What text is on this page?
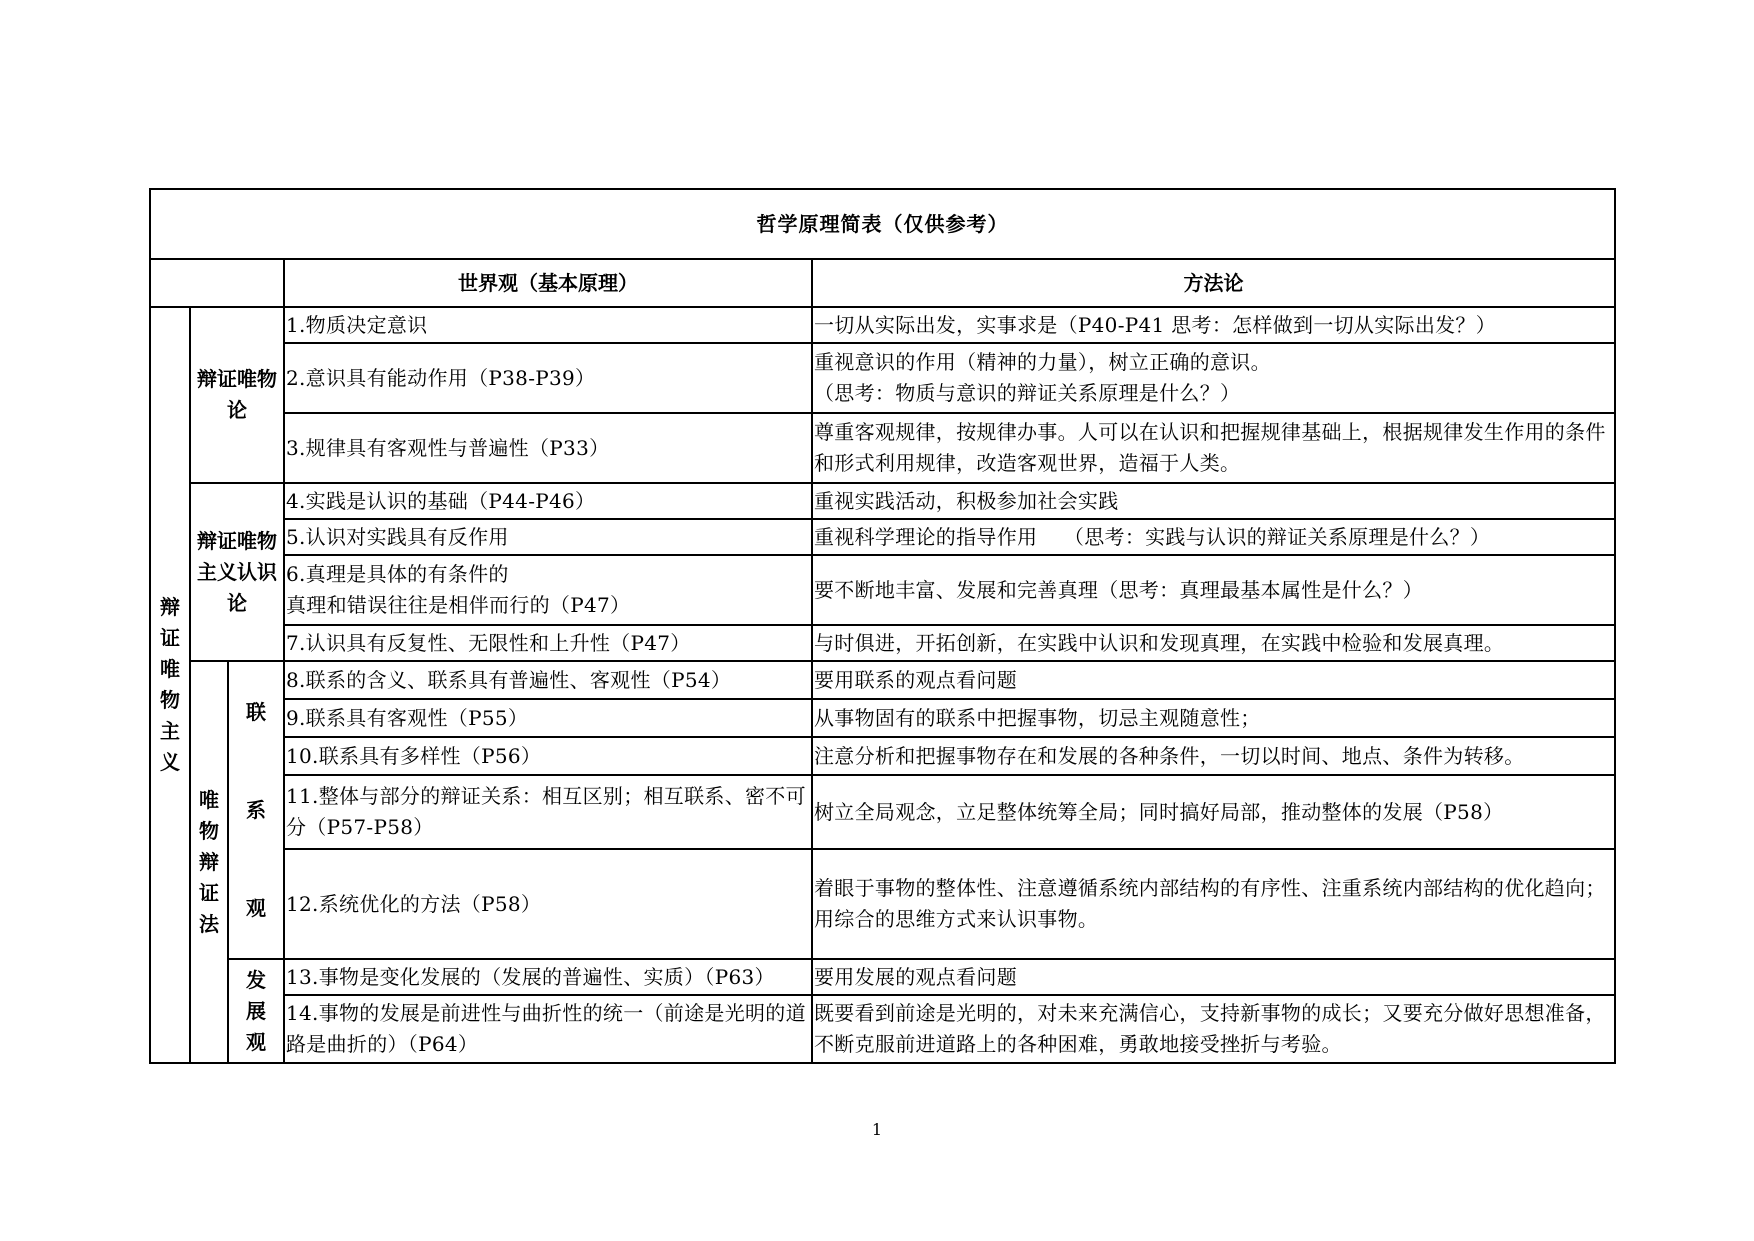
哲学原理简表（仅供参考）				
			世界观（基本原理）	方法论
辩证唯物主义	辩证唯物论		1.物质决定意识	一切从实际出发，实事求是（P40-P41 思考：怎样做到一切从实际出发？）
			2.意识具有能动作用（P38-P39）	重视意识的作用（精神的力量），树立正确的意识。
（思考：物质与意识的辩证关系原理是什么？）
			3.规律具有客观性与普遍性（P33）	尊重客观规律，按规律办事。人可以在认识和把握规律基础上，根据规律发生作用的条件和形式利用规律，改造客观世界，造福于人类。
	辩证唯物主义认识论		4.实践是认识的基础（P44-P46）	重视实践活动，积极参加社会实践
			5.认识对实践具有反作用	重视科学理论的指导作用    （思考：实践与认识的辩证关系原理是什么？）
			6.真理是具体的有条件的
真理和错误往往是相伴而行的（P47）	要不断地丰富、发展和完善真理（思考：真理最基本属性是什么？）
			7.认识具有反复性、无限性和上升性（P47）	与时俱进，开拓创新，在实践中认识和发现真理，在实践中检验和发展真理。
	唯物辩证法	联系观	8.联系的含义、联系具有普遍性、客观性（P54）	要用联系的观点看问题
			9.联系具有客观性（P55）	从事物固有的联系中把握事物，切忌主观随意性；
			10.联系具有多样性（P56）	注意分析和把握事物存在和发展的各种条件，一切以时间、地点、条件为转移。
			11.整体与部分的辩证关系：相互区别；相互联系、密不可分（P57-P58）	树立全局观念，立足整体统筹全局；同时搞好局部，推动整体的发展（P58）
			12.系统优化的方法（P58）	着眼于事物的整体性、注意遵循系统内部结构的有序性、注重系统内部结构的优化趋向；
用综合的思维方式来认识事物。
		发展观	13.事物是变化发展的（发展的普遍性、实质）（P63）	要用发展的观点看问题
			14.事物的发展是前进性与曲折性的统一（前途是光明的道路是曲折的）（P64）	既要看到前途是光明的，对未来充满信心，支持新事物的成长；又要充分做好思想准备，不断克服前进道路上的各种困难，勇敢地接受挫折与考验。
1
